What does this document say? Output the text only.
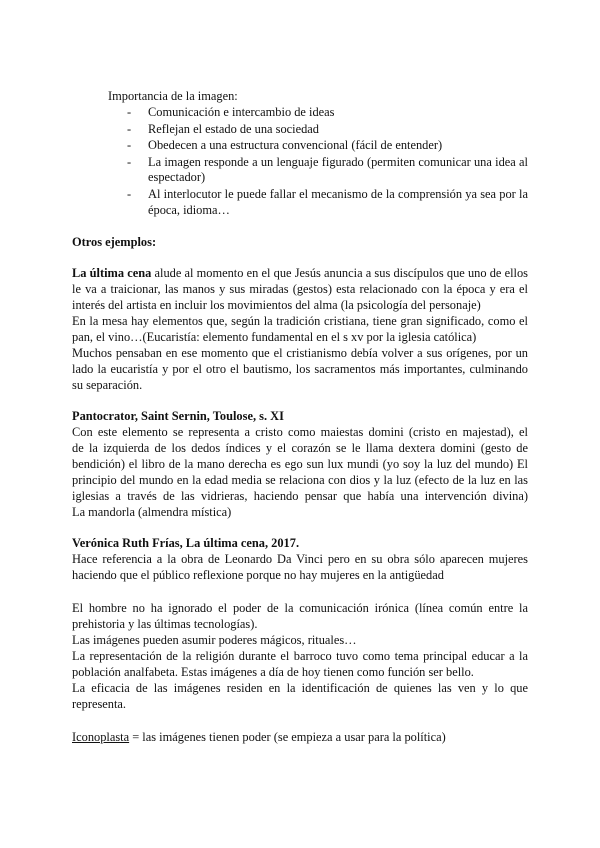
Importancia de la imagen:
- Comunicación e intercambio de ideas
- Reflejan el estado de una sociedad
- Obedecen a una estructura convencional (fácil de entender)
- La imagen responde a un lenguaje figurado (permiten comunicar una idea al
espectador)
- Al interlocutor le puede fallar el mecanismo de la comprensión ya sea por la
época, idioma…
Otros ejemplos:
La última cena alude al momento en el que Jesús anuncia a sus discípulos que uno de ellos
le va a traicionar, las manos y sus miradas (gestos) esta relacionado con la época y era el
interés del artista en incluir los movimientos del alma (la psicología del personaje)
En la mesa hay elementos que, según la tradición cristiana, tiene gran significado, como el
pan, el vino…(Eucaristía: elemento fundamental en el s xv por la iglesia católica)
Muchos pensaban en ese momento que el cristianismo debía volver a sus orígenes, por un
lado la eucaristía y por el otro el bautismo, los sacramentos más importantes, culminando
su separación.
Pantocrator, Saint Sernin, Toulose, s. XI
Con este elemento se representa a cristo como maiestas domini (cristo en majestad), el
de la izquierda de los dedos índices y el corazón se le llama dextera domini (gesto de
bendición) el libro de la mano derecha es ego sun lux mundi (yo soy la luz del mundo) El
principio del mundo en la edad media se relaciona con dios y la luz (efecto de la luz en las
iglesias a través de las vidrieras, haciendo pensar que había una intervención divina)
La mandorla (almendra mística)
Verónica Ruth Frías, La última cena, 2017.
Hace referencia a la obra de Leonardo Da Vinci pero en su obra sólo aparecen mujeres
haciendo que el público reflexione porque no hay mujeres en la antigüedad
El hombre no ha ignorado el poder de la comunicación irónica (línea común entre la
prehistoria y las últimas tecnologías).
Las imágenes pueden asumir poderes mágicos, rituales…
La representación de la religión durante el barroco tuvo como tema principal educar a la
población analfabeta. Estas imágenes a día de hoy tienen como función ser bello.
La eficacia de las imágenes residen en la identificación de quienes las ven y lo que
representa.
Iconoplasta = las imágenes tienen poder (se empieza a usar para la política)
